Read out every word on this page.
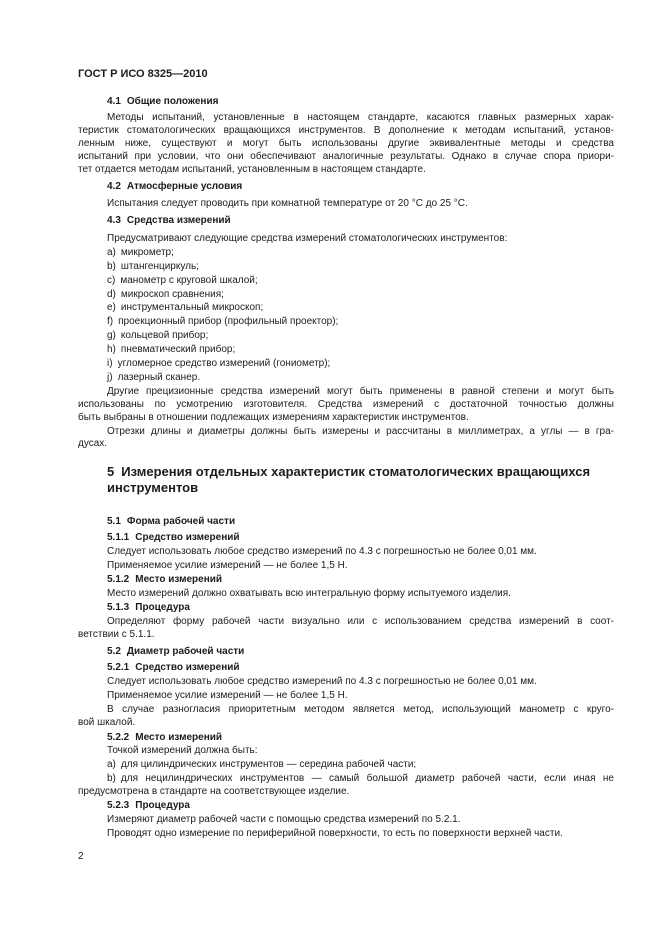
ГОСТ Р ИСО 8325—2010
4.1 Общие положения
Методы испытаний, установленные в настоящем стандарте, касаются главных размерных харак-
теристик стоматологических вращающихся инструментов. В дополнение к методам испытаний, установ-
ленным ниже, существуют и могут быть использованы другие эквивалентные методы и средства
испытаний при условии, что они обеспечивают аналогичные результаты. Однако в случае спора приори-
тет отдается методам испытаний, установленным в настоящем стандарте.
4.2 Атмосферные условия
Испытания следует проводить при комнатной температуре от 20 °С до 25 °С.
4.3 Средства измерений
Предусматривают следующие средства измерений стоматологических инструментов:
a) микрометр;
b) штангенциркуль;
c) манометр с круговой шкалой;
d) микроскоп сравнения;
e) инструментальный микроскоп;
f) проекционный прибор (профильный проектор);
g) кольцевой прибор;
h) пневматический прибор;
i) угломерное средство измерений (гониометр);
j) лазерный сканер.
Другие прецизионные средства измерений могут быть применены в равной степени и могут быть
использованы по усмотрению изготовителя. Средства измерений с достаточной точностью должны
быть выбраны в отношении подлежащих измерениям характеристик инструментов.
Отрезки длины и диаметры должны быть измерены и рассчитаны в миллиметрах, а углы — в гра-
дусах.
5 Измерения отдельных характеристик стоматологических вращающихся
инструментов
5.1 Форма рабочей части
5.1.1 Средство измерений
Следует использовать любое средство измерений по 4.3 с погрешностью не более 0,01 мм.
Применяемое усилие измерений — не более 1,5 Н.
5.1.2 Место измерений
Место измерений должно охватывать всю интегральную форму испытуемого изделия.
5.1.3 Процедура
Определяют форму рабочей части визуально или с использованием средства измерений в соот-
ветствии с 5.1.1.
5.2 Диаметр рабочей части
5.2.1 Средство измерений
Следует использовать любое средство измерений по 4.3 с погрешностью не более 0,01 мм.
Применяемое усилие измерений — не более 1,5 Н.
В случае разногласия приоритетным методом является метод, использующий манометр с круго-
вой шкалой.
5.2.2 Место измерений
Точкой измерений должна быть:
a) для цилиндрических инструментов — середина рабочей части;
b) для нецилиндрических инструментов — самый большой диаметр рабочей части, если иная не
предусмотрена в стандарте на соответствующее изделие.
5.2.3 Процедура
Измеряют диаметр рабочей части с помощью средства измерений по 5.2.1.
Проводят одно измерение по периферийной поверхности, то есть по поверхности верхней части.
2
